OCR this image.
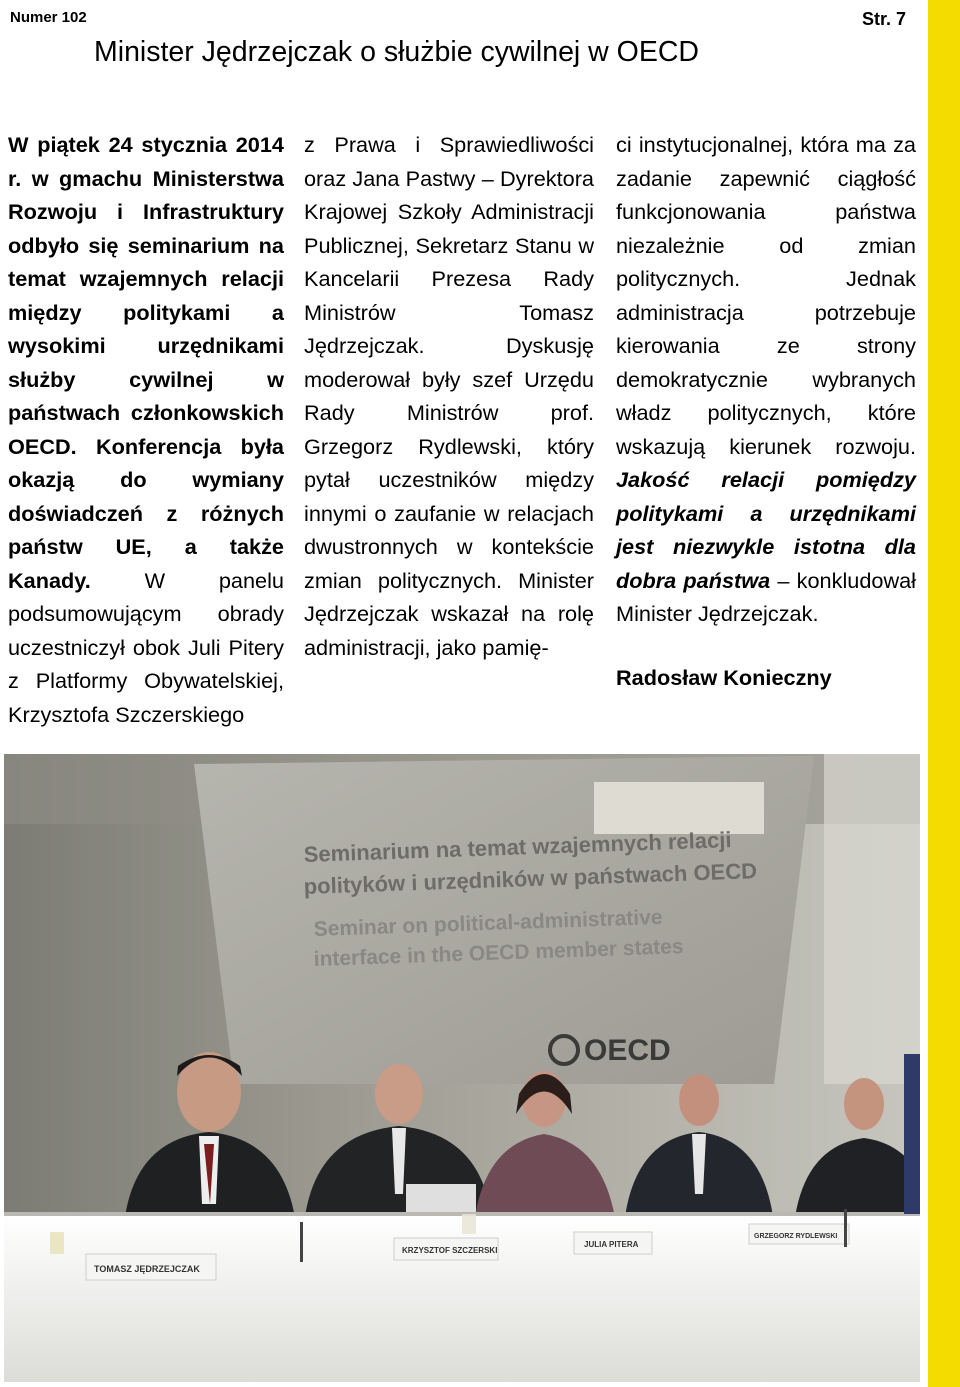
Numer 102	Str. 7
Minister Jędrzejczak o służbie cywilnej w OECD
W piątek 24 stycznia 2014 r. w gmachu Ministerstwa Rozwoju i Infrastruktury odbyło się seminarium na temat wzajemnych relacji między politykami a wysokimi urzędnikami służby cywilnej w państwach członkowskich OECD. Konferencja była okazją do wymiany doświadczeń z różnych państw UE, a także Kanady. W panelu podsumowującym obrady uczestniczył obok Juli Pitery z Platformy Obywatelskiej, Krzysztofa Szczerskiego
z Prawa i Sprawiedliwości oraz Jana Pastwy – Dyrektora Krajowej Szkoły Administracji Publicznej, Sekretarz Stanu w Kancelarii Prezesa Rady Ministrów Tomasz Jędrzejczak. Dyskusję moderował były szef Urzędu Rady Ministrów prof. Grzegorz Rydlewski, który pytał uczestników między innymi o zaufanie w relacjach dwustronnych w kontekście zmian politycznych. Minister Jędrzejczak wskazał na rolę administracji, jako pamię-
ci instytucjonalnej, która ma za zadanie zapewnić ciągłość funkcjonowania państwa niezależnie od zmian politycznych. Jednak administracja potrzebuje kierowania ze strony demokratycznie wybranych władz politycznych, które wskazują kierunek rozwoju. Jakość relacji pomiędzy politykami a urzędnikami jest niezwykle istotna dla dobra państwa – konkludował Minister Jędrzejczak.
Radosław Konieczny
Seminarium na temat wzajemnych relacji
polityków i urzędników w państwach OECD
Seminar on political-administrative
interface in the OECD member states
OECD
TOMASZ JĘDRZEJCZAK
KRZYSZTOF SZCZERSKI
JULIA PITERA
GRZEGORZ RYDLEWSKI
